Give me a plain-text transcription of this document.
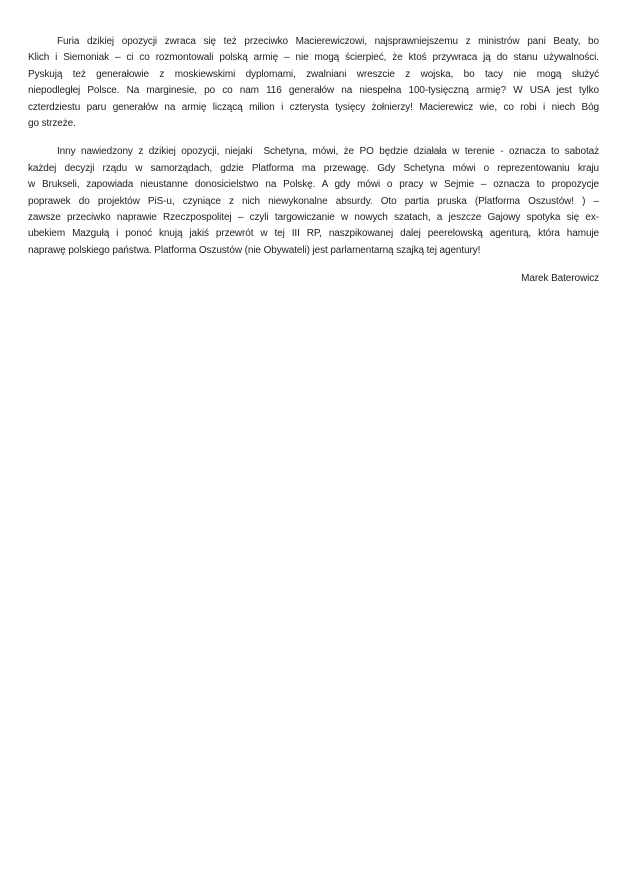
Furia dzikiej opozycji zwraca się też przeciwko Macierewiczowi, najsprawniejszemu z ministrów pani Beaty, bo
Klich i Siemoniak – ci co rozmontowali polską armię – nie mogą ścierpieć, że ktoś przywraca ją do stanu używalności.
Pyskują też generałowie z moskiewskimi dyplomami, zwalniani wreszcie z wojska, bo tacy nie mogą służyć
niepodległej Polsce. Na marginesie, po co nam 116 generałów na niespełna 100-tysięczną armię? W USA jest tylko
czterdziestu paru generałów na armię liczącą milion i czterysta tysięcy żołnierzy! Macierewicz wie, co robi i niech Bóg
go strzeże.

Inny nawiedzony z dzikiej opozycji, niejaki  Schetyna, mówi, że PO będzie działała w terenie - oznacza to sabotaż
każdej decyzji rządu w samorządach, gdzie Platforma ma przewagę. Gdy Schetyna mówi o reprezentowaniu kraju
w Brukseli, zapowiada nieustanne donosicielstwo na Polskę. A gdy mówi o pracy w Sejmie – oznacza to propozycje
poprawek do projektów PiS-u, czyniące z nich niewykonalne absurdy. Oto partia pruska (Platforma Oszustów! ) –
zawsze przeciwko naprawie Rzeczpospolitej – czyli targowiczanie w nowych szatach, a jeszcze Gajowy spotyka się ex-
ubekiem Mazgułą i ponoć knują jakiś przewrót w tej III RP, naszpikowanej dalej peerelowską agenturą, która hamuje
naprawę polskiego państwa. Platforma Oszustów (nie Obywateli) jest parlamentarną szajką tej agentury!

Marek Baterowicz
